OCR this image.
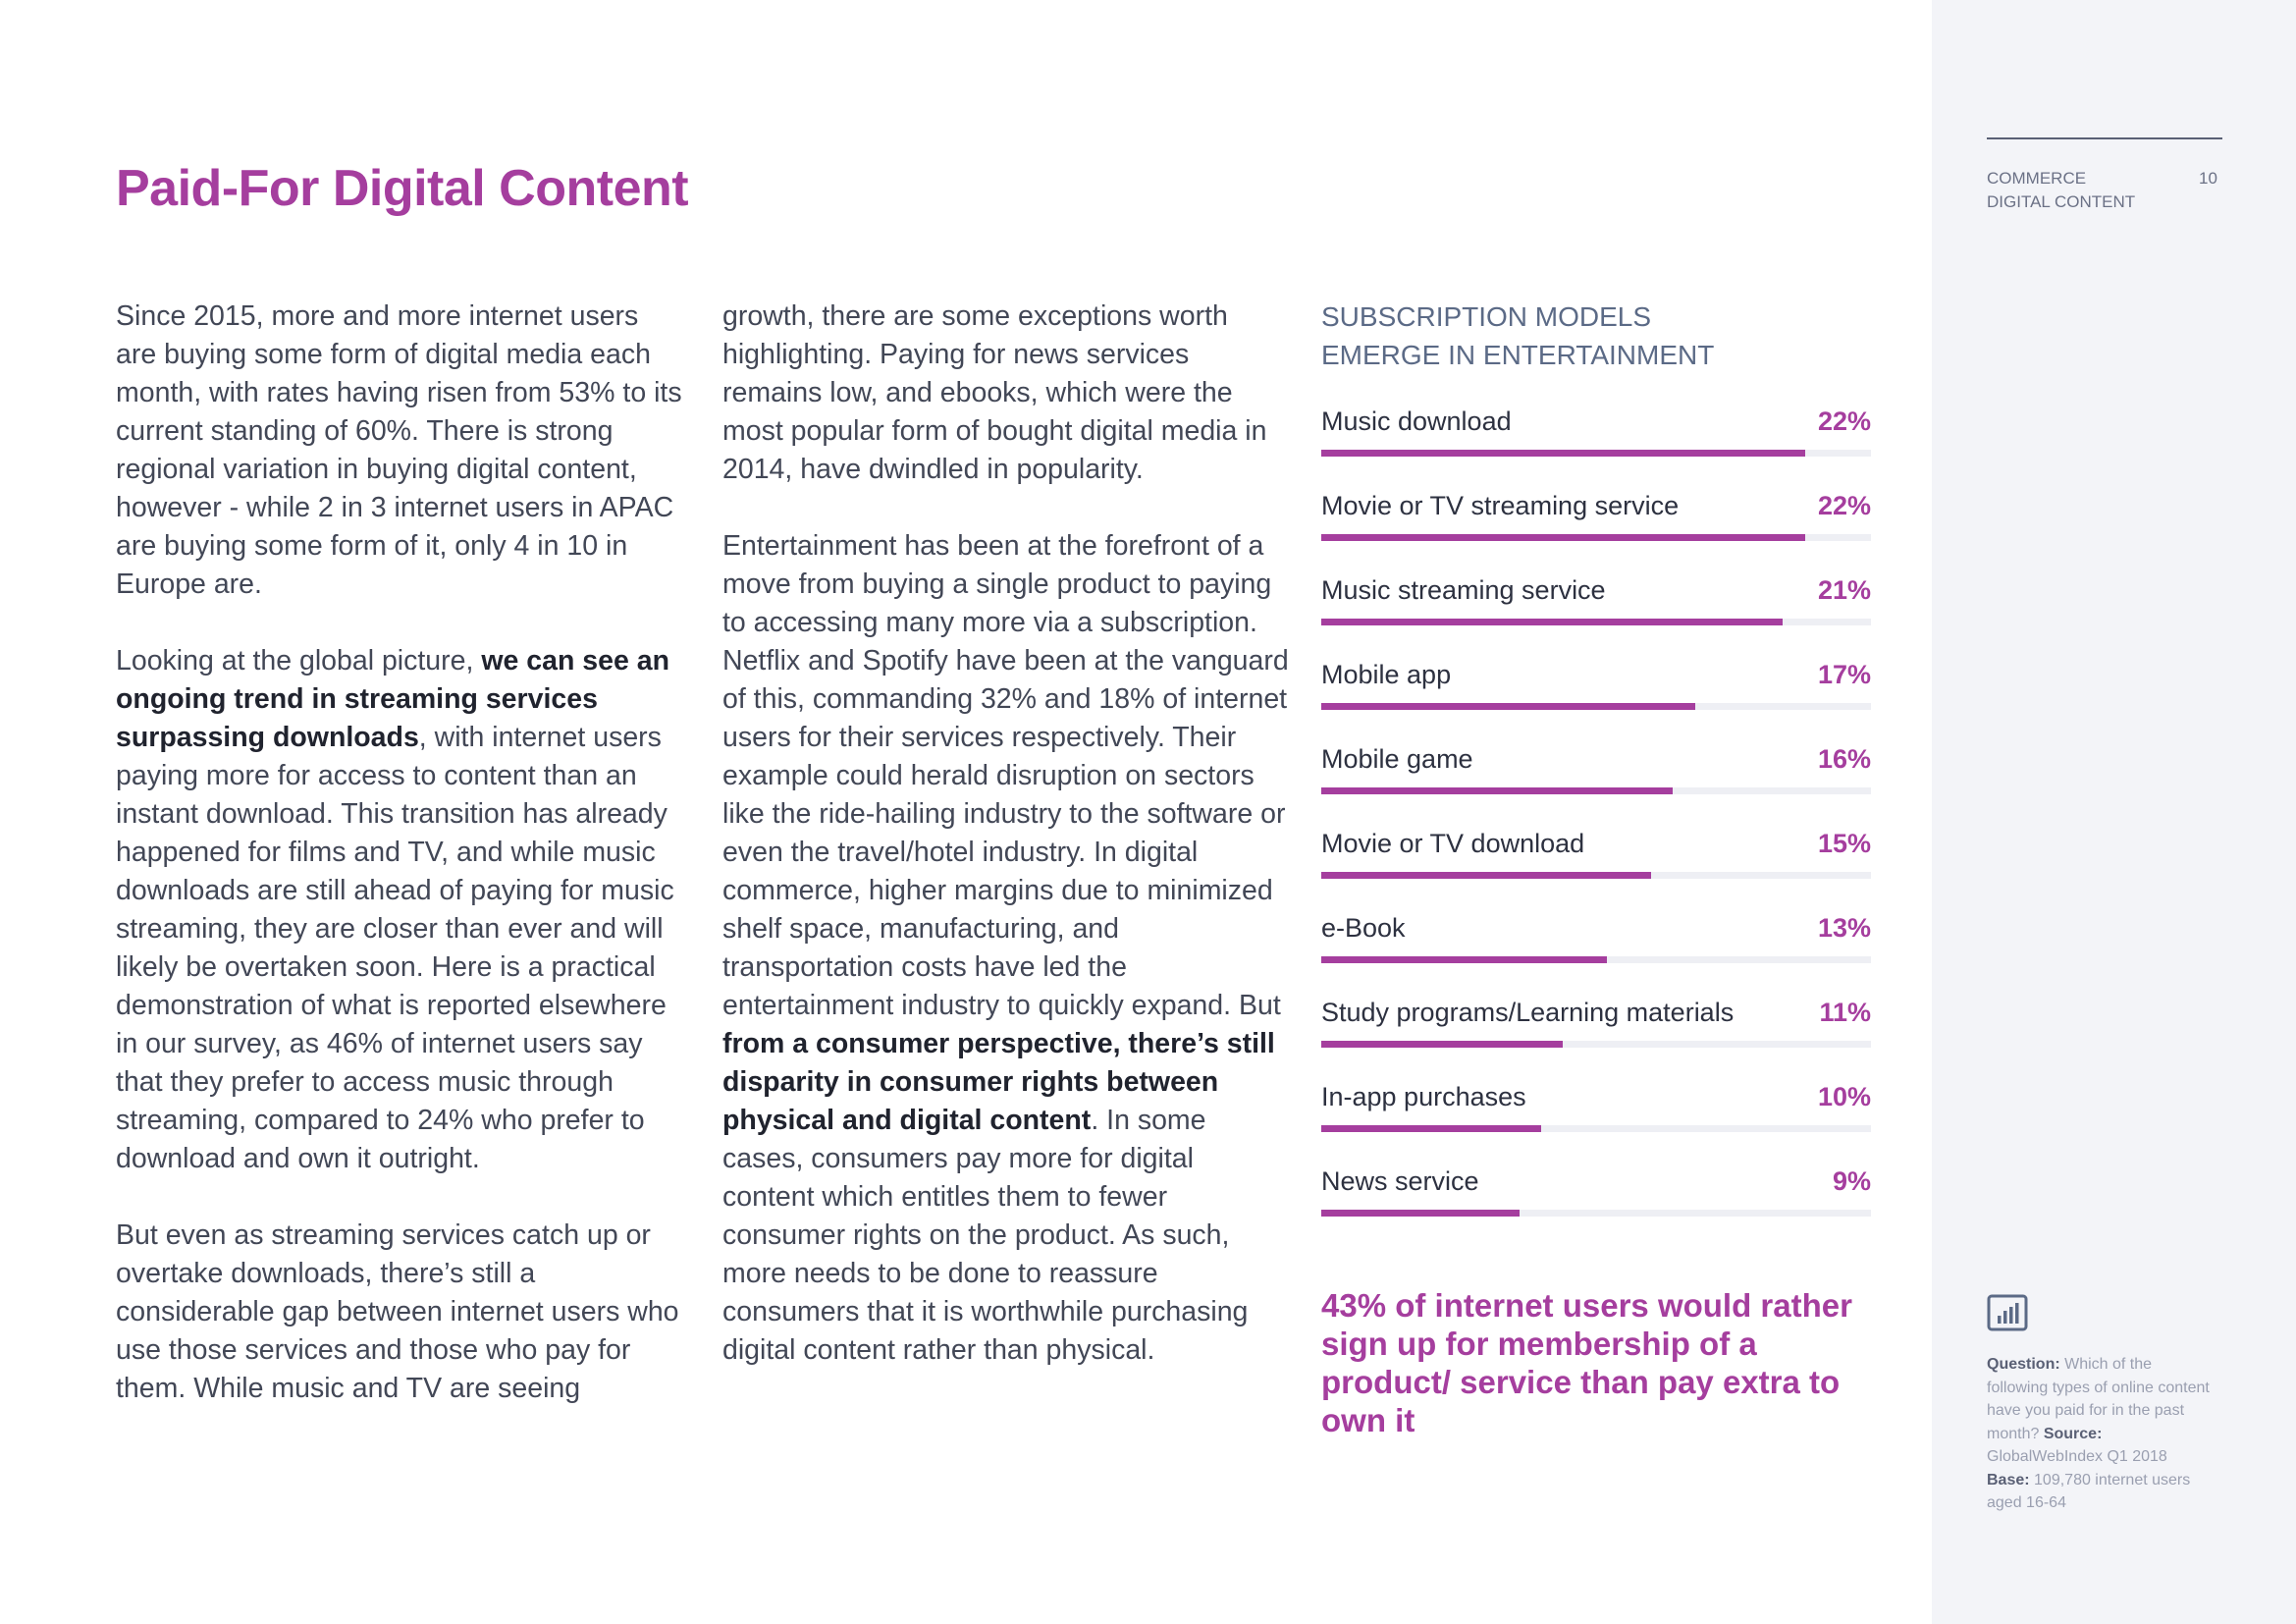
COMMERCE
DIGITAL CONTENT
10
Question: Which of the following types of online content have you paid for in the past month? Source: GlobalWebIndex Q1 2018 Base: 109,780 internet users aged 16-64
Paid-For Digital Content

Since 2015, more and more internet users are buying some form of digital media each month, with rates having risen from 53% to its current standing of 60%. There is strong regional variation in buying digital content, however - while 2 in 3 internet users in APAC are buying some form of it, only 4 in 10 in Europe are.

Looking at the global picture, we can see an ongoing trend in streaming services surpassing downloads, with internet users paying more for access to content than an instant download. This transition has already happened for films and TV, and while music downloads are still ahead of paying for music streaming, they are closer than ever and will likely be overtaken soon. Here is a practical demonstration of what is reported elsewhere in our survey, as 46% of internet users say that they prefer to access music through streaming, compared to 24% who prefer to download and own it outright.

But even as streaming services catch up or overtake downloads, there’s still a considerable gap between internet users who use those services and those who pay for them. While music and TV are seeing

growth, there are some exceptions worth highlighting. Paying for news services remains low, and ebooks, which were the most popular form of bought digital media in 2014, have dwindled in popularity.

Entertainment has been at the forefront of a move from buying a single product to paying to accessing many more via a subscription. Netflix and Spotify have been at the vanguard of this, commanding 32% and 18% of internet users for their services respectively. Their example could herald disruption on sectors like the ride-hailing industry to the software or even the travel/hotel industry. In digital commerce, higher margins due to minimized shelf space, manufacturing, and transportation costs have led the entertainment industry to quickly expand. But from a consumer perspective, there’s still disparity in consumer rights between physical and digital content. In some cases, consumers pay more for digital content which entitles them to fewer consumer rights on the product. As such, more needs to be done to reassure consumers that it is worthwhile purchasing digital content rather than physical.

SUBSCRIPTION MODELS
EMERGE IN ENTERTAINMENT
Music download	22%
Movie or TV streaming service	22%
Music streaming service	21%
Mobile app	17%
Mobile game	16%
Movie or TV download	15%
e-Book	13%
Study programs/Learning materials	11%
In-app purchases	10%
News service	9%
43% of internet users would rather sign up for membership of a product/ service than pay extra to own it
